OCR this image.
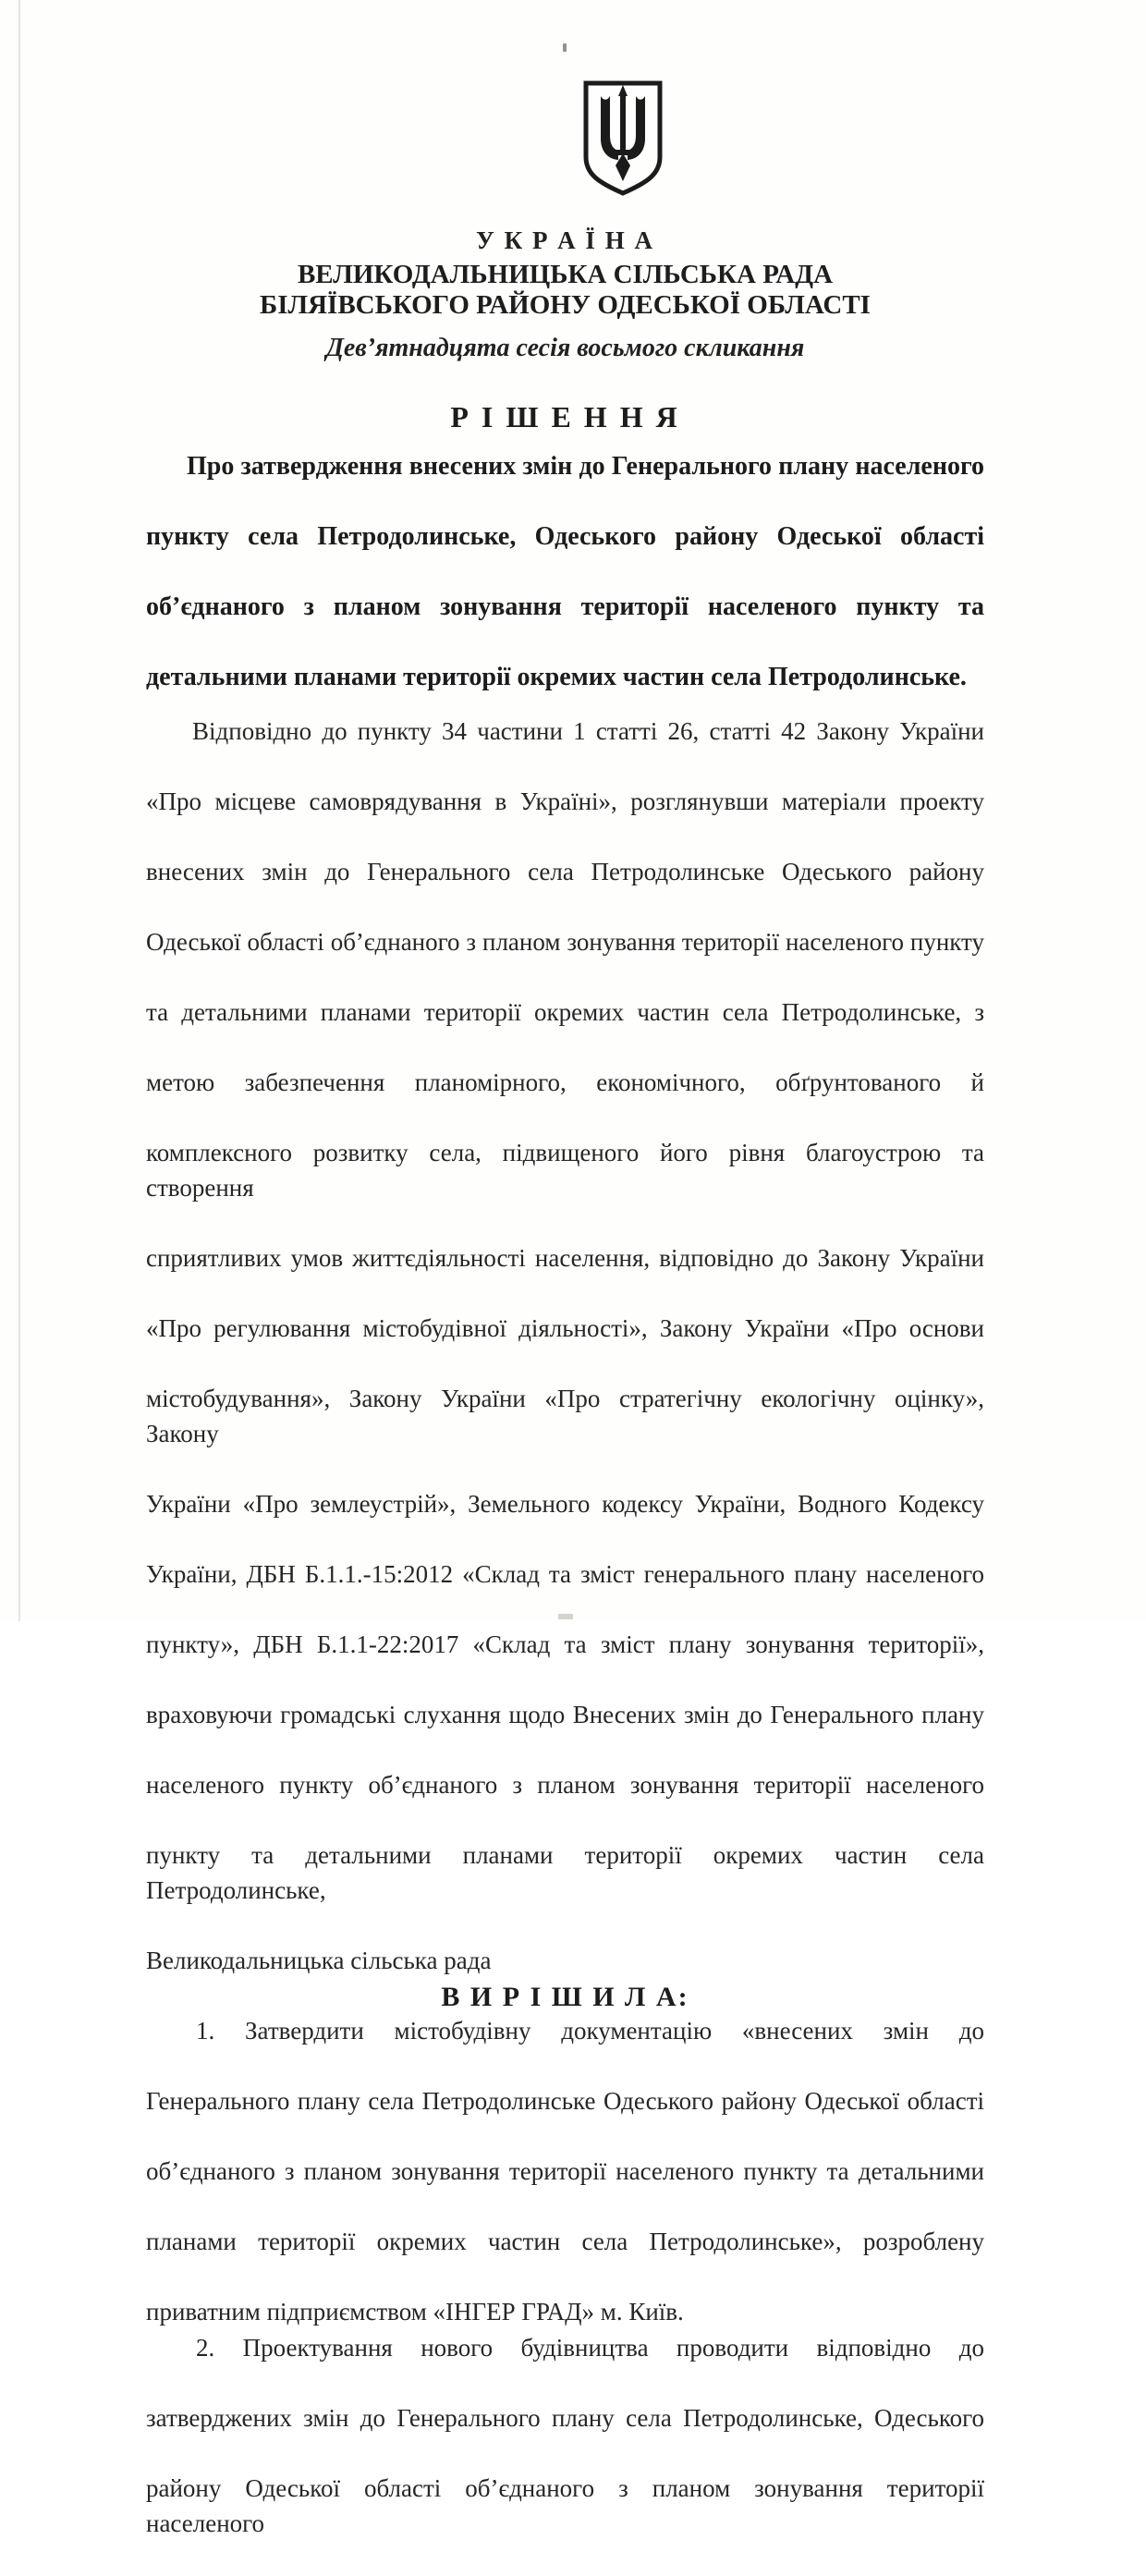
У К Р А Ї Н А
ВЕЛИКОДАЛЬНИЦЬКА СІЛЬСЬКА РАДА
БІЛЯЇВСЬКОГО РАЙОНУ ОДЕСЬКОЇ ОБЛАСТІ
Дев’ятнадцята сесія восьмого скликання
Р І Ш Е Н Н Я
Про затвердження внесених змін до Генерального плану населеного
пункту села Петродолинське, Одеського району Одеської області
об’єднаного з планом зонування території населеного пункту та
детальними планами території окремих частин села Петродолинське.
Відповідно до пункту 34 частини 1 статті 26, статті 42 Закону України
«Про місцеве самоврядування в Україні», розглянувши матеріали проекту
внесених змін до Генерального села Петродолинське Одеського району
Одеської області об’єднаного з планом зонування території населеного пункту
та детальними планами території окремих частин села Петродолинське, з
метою забезпечення планомірного, економічного, обґрунтованого й
комплексного розвитку села, підвищеного його рівня благоустрою та створення
сприятливих умов життєдіяльності населення, відповідно до Закону України
«Про регулювання містобудівної діяльності», Закону України «Про основи
містобудування», Закону України «Про стратегічну екологічну оцінку», Закону
України «Про землеустрій», Земельного кодексу України, Водного Кодексу
України, ДБН Б.1.1.-15:2012 «Склад та зміст генерального плану населеного
пункту», ДБН Б.1.1-22:2017 «Склад та зміст плану зонування території»,
враховуючи громадські слухання щодо Внесених змін до Генерального плану
населеного пункту об’єднаного з планом зонування території населеного
пункту та детальними планами території окремих частин села Петродолинське,
Великодальницька сільська рада
В И Р І Ш И Л А:
1. Затвердити містобудівну документацію «внесених змін до
Генерального плану села Петродолинське Одеського району Одеської області
об’єднаного з планом зонування території населеного пункту та детальними
планами території окремих частин села Петродолинське», розроблену
приватним підприємством «ІНГЕР ГРАД» м. Київ.
2. Проектування нового будівництва проводити відповідно до
затверджених змін до Генерального плану села Петродолинське, Одеського
району Одеської області об’єднаного з планом зонування території населеного
